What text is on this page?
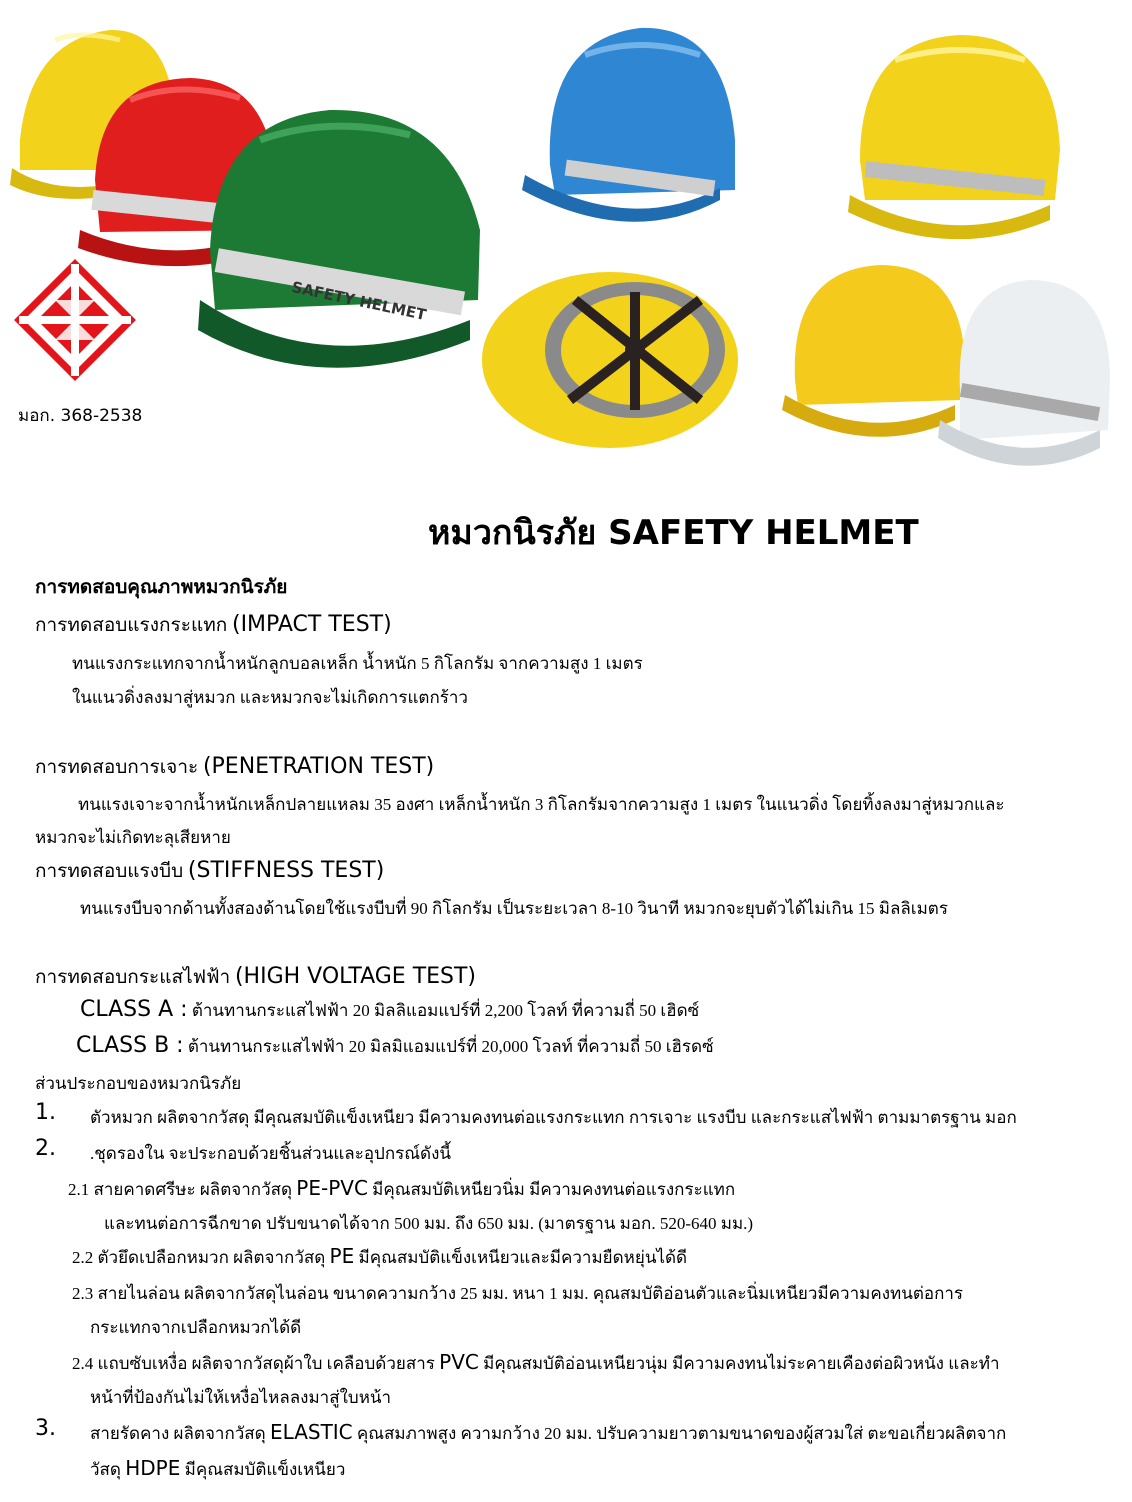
SAFETY HELMET
มอก. 368-2538
หมวกนิรภัย SAFETY HELMET
การทดสอบคุณภาพหมวกนิรภัย
การทดสอบแรงกระแทก (IMPACT TEST)
ทนแรงกระแทกจากน้ำหนักลูกบอลเหล็ก น้ำหนัก 5 กิโลกรัม จากความสูง 1 เมตร
ในแนวดิ่งลงมาสู่หมวก และหมวกจะไม่เกิดการแตกร้าว
การทดสอบการเจาะ (PENETRATION TEST)
ทนแรงเจาะจากน้ำหนักเหล็กปลายแหลม 35 องศา เหล็กน้ำหนัก 3 กิโลกรัมจากความสูง 1 เมตร ในแนวดิ่ง โดยทิ้งลงมาสู่หมวกและ
หมวกจะไม่เกิดทะลุเสียหาย
การทดสอบแรงบีบ (STIFFNESS TEST)
ทนแรงบีบจากด้านทั้งสองด้านโดยใช้แรงบีบที่ 90 กิโลกรัม เป็นระยะเวลา 8-10 วินาที หมวกจะยุบตัวได้ไม่เกิน 15 มิลลิเมตร
การทดสอบกระแสไฟฟ้า (HIGH VOLTAGE TEST)
CLASS A : ต้านทานกระแสไฟฟ้า 20 มิลลิแอมแปร์ที่ 2,200 โวลท์ ที่ความถี่ 50 เฮิดซ์
CLASS B : ต้านทานกระแสไฟฟ้า 20 มิลมิแอมแปร์ที่ 20,000 โวลท์ ที่ความถี่ 50 เฮิรดซ์
ส่วนประกอบของหมวกนิรภัย
1. ตัวหมวก ผลิตจากวัสดุ มีคุณสมบัติแข็งเหนียว มีความคงทนต่อแรงกระแทก การเจาะ แรงบีบ และกระแสไฟฟ้า ตามมาตรฐาน มอก
2. .ชุดรองใน จะประกอบด้วยชิ้นส่วนและอุปกรณ์ดังนี้
2.1 สายคาดศรีษะ ผลิตจากวัสดุ PE-PVC มีคุณสมบัติเหนียวนิ่ม มีความคงทนต่อแรงกระแทก
และทนต่อการฉีกขาด ปรับขนาดได้จาก 500 มม. ถึง 650 มม. (มาตรฐาน มอก. 520-640 มม.)
2.2 ตัวยึดเปลือกหมวก ผลิตจากวัสดุ PE มีคุณสมบัติแข็งเหนียวและมีความยืดหยุ่นได้ดี
2.3 สายไนล่อน ผลิตจากวัสดุไนล่อน ขนาดความกว้าง 25 มม. หนา 1 มม. คุณสมบัติอ่อนตัวและนิ่มเหนียวมีความคงทนต่อการ
กระแทกจากเปลือกหมวกได้ดี
2.4 แถบซับเหงื่อ ผลิตจากวัสดุผ้าใบ เคลือบด้วยสาร PVC มีคุณสมบัติอ่อนเหนียวนุ่ม มีความคงทนไม่ระคายเคืองต่อผิวหนัง และทำ
หน้าที่ป้องกันไม่ให้เหงื่อไหลลงมาสู่ใบหน้า
3. สายรัดคาง ผลิตจากวัสดุ ELASTIC คุณสมภาพสูง ความกว้าง 20 มม. ปรับความยาวตามขนาดของผู้สวมใส่ ตะขอเกี่ยวผลิตจาก
วัสดุ HDPE มีคุณสมบัติแข็งเหนียว
